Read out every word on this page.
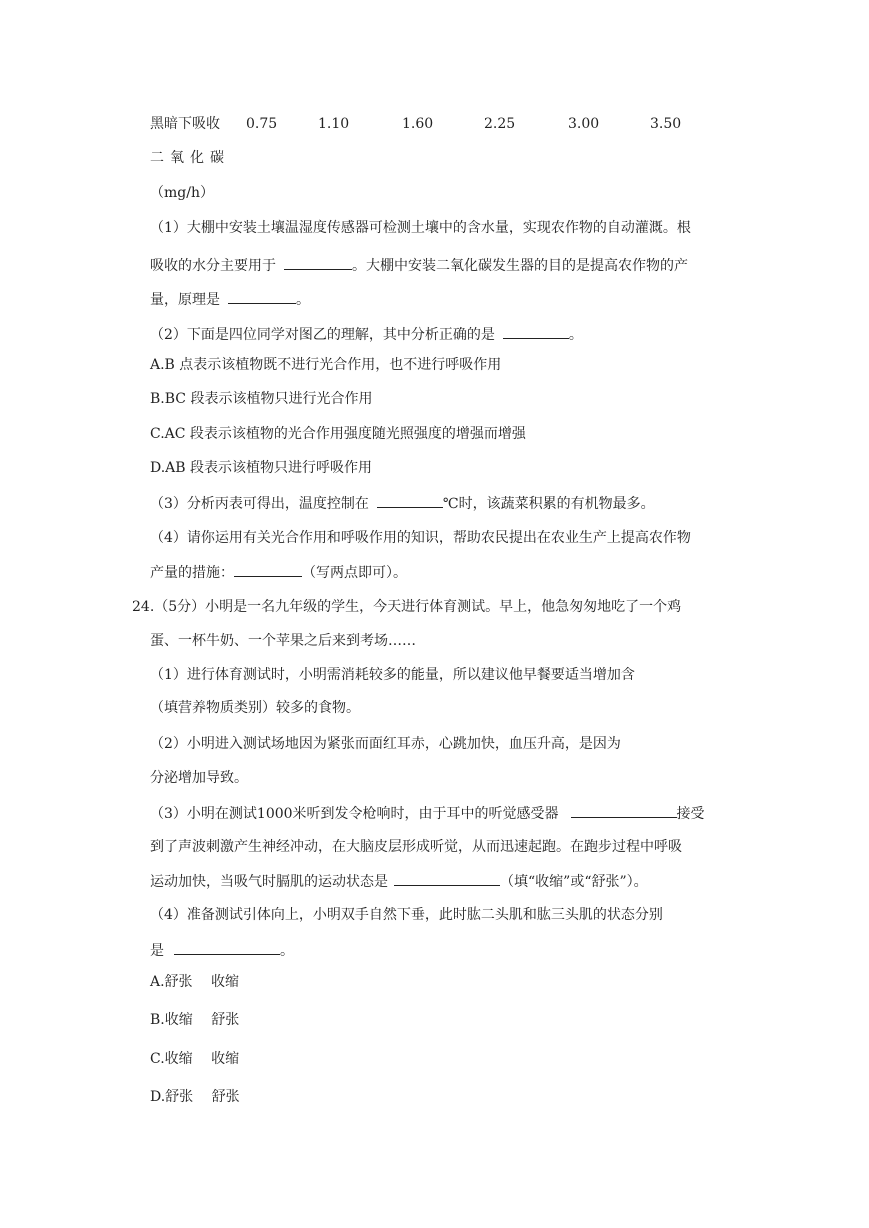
黑暗下吸收 0.75	1.10	1.60	2.25	3.00	3.50
二氧化碳
（mg/h）
（1）大棚中安装土壤温湿度传感器可检测土壤中的含水量，实现农作物的自动灌溉。根
吸收的水分主要用于	。大棚中安装二氧化碳发生器的目的是提高农作物的产
量，原理是	。
（2）下面是四位同学对图乙的理解，其中分析正确的是	。
A.B 点表示该植物既不进行光合作用，也不进行呼吸作用
B.BC 段表示该植物只进行光合作用
C.AC 段表示该植物的光合作用强度随光照强度的增强而增强
D.AB 段表示该植物只进行呼吸作用
（3）分析丙表可得出，温度控制在	℃时，该蔬菜积累的有机物最多。
（4）请你运用有关光合作用和呼吸作用的知识，帮助农民提出在农业生产上提高农作物
产量的措施：	（写两点即可）。
24.（5分）小明是一名九年级的学生，今天进行体育测试。早上，他急匆匆地吃了一个鸡
蛋、一杯牛奶、一个苹果之后来到考场……
（1）进行体育测试时，小明需消耗较多的能量，所以建议他早餐要适当增加含
（填营养物质类别）较多的食物。
（2）小明进入测试场地因为紧张而面红耳赤，心跳加快，血压升高，是因为
分泌增加导致。
（3）小明在测试1000米听到发令枪响时，由于耳中的听觉感受器	接受
到了声波刺激产生神经冲动，在大脑皮层形成听觉，从而迅速起跑。在跑步过程中呼吸
运动加快，当吸气时膈肌的运动状态是	（填“收缩”或“舒张”）。
（4）准备测试引体向上，小明双手自然下垂，此时肱二头肌和肱三头肌的状态分别
是	。
A.舒张　 收缩
B.收缩　 舒张
C.收缩　 收缩
D.舒张　 舒张
